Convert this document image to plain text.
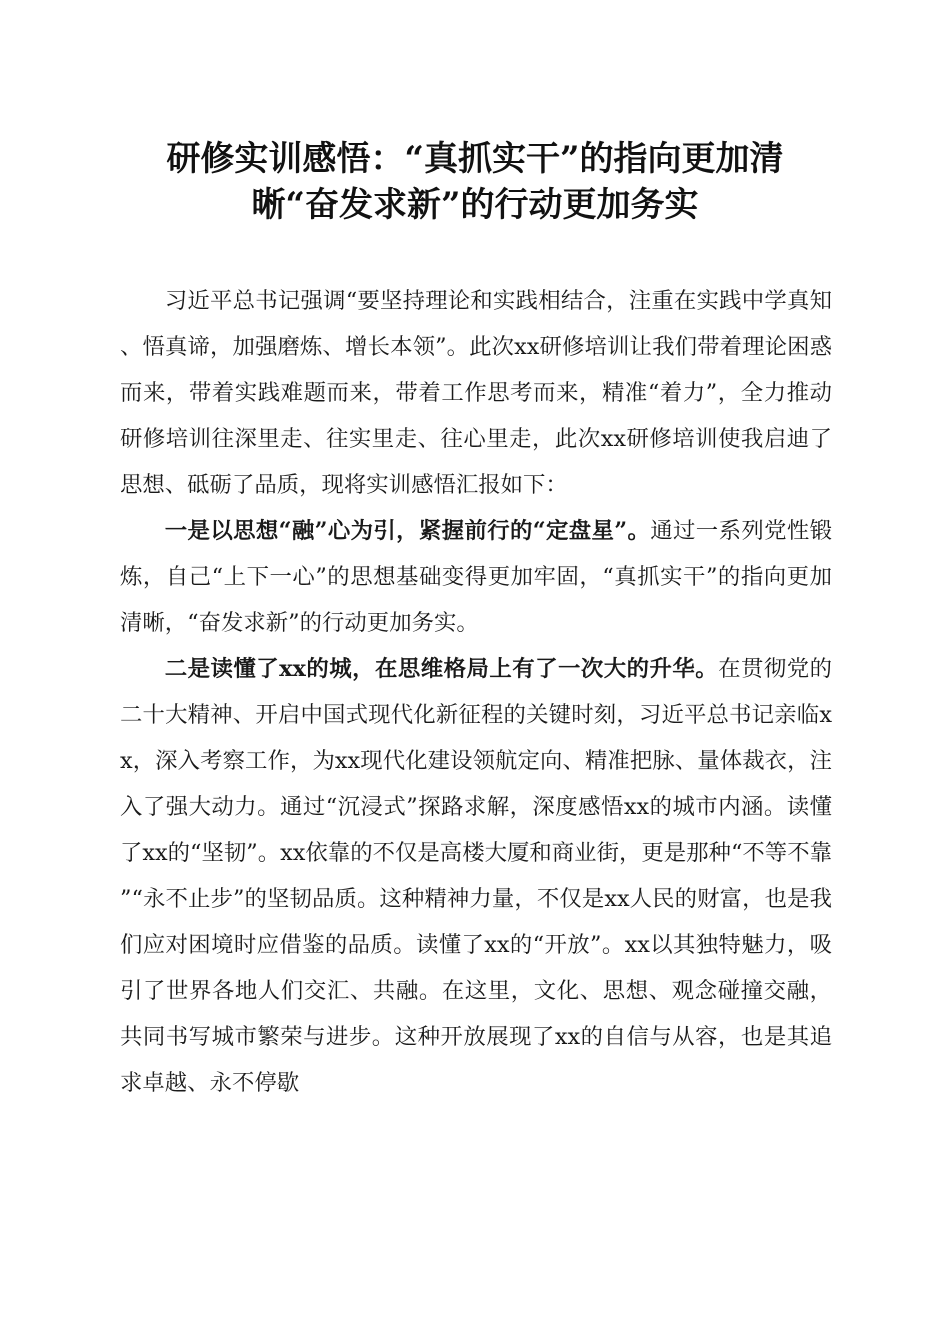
研修实训感悟：“真抓实干”的指向更加清
晰“奋发求新”的行动更加务实

习近平总书记强调“要坚持理论和实践相结合，注重在实践中学真知、悟真谛，加强磨炼、增长本领”。此次xx研修培训让我们带着理论困惑而来，带着实践难题而来，带着工作思考而来，精准“着力”，全力推动研修培训往深里走、往实里走、往心里走，此次xx研修培训使我启迪了思想、砥砺了品质，现将实训感悟汇报如下：

一是以思想“融”心为引，紧握前行的“定盘星”。通过一系列党性锻炼，自己“上下一心”的思想基础变得更加牢固，“真抓实干”的指向更加清晰，“奋发求新”的行动更加务实。

二是读懂了xx的城，在思维格局上有了一次大的升华。在贯彻党的二十大精神、开启中国式现代化新征程的关键时刻，习近平总书记亲临xx，深入考察工作，为xx现代化建设领航定向、精准把脉、量体裁衣，注入了强大动力。通过“沉浸式”探路求解，深度感悟xx的城市内涵。读懂了xx的“坚韧”。xx依靠的不仅是高楼大厦和商业街，更是那种“不等不靠”“永不止步”的坚韧品质。这种精神力量，不仅是xx人民的财富，也是我们应对困境时应借鉴的品质。读懂了xx的“开放”。xx以其独特魅力，吸引了世界各地人们交汇、共融。在这里，文化、思想、观念碰撞交融，共同书写城市繁荣与进步。这种开放展现了xx的自信与从容，也是其追求卓越、永不停歇
